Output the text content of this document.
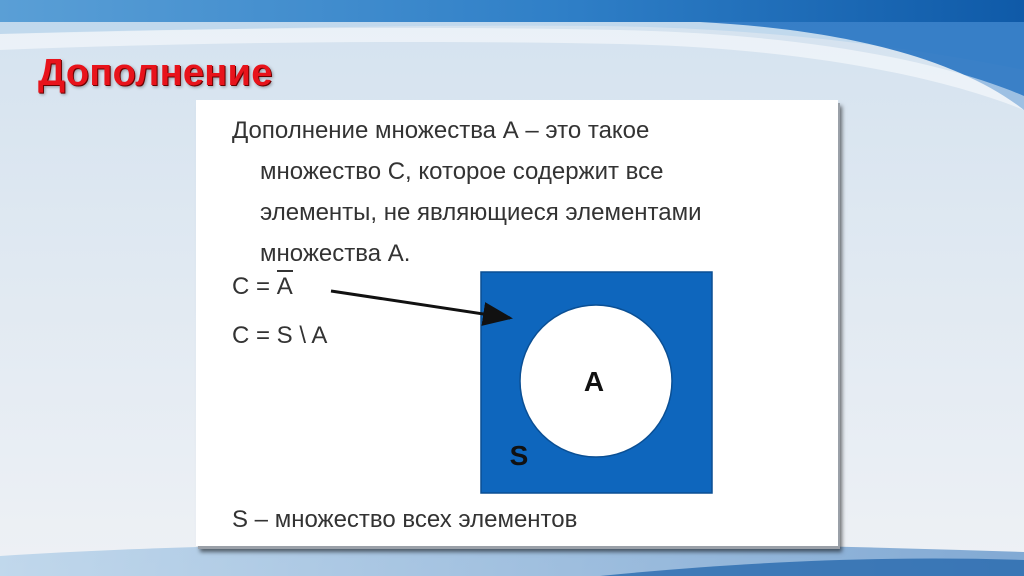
Дополнение
Дополнение множества А – это такое
множество С, которое содержит все
элементы, не являющиеся элементами
множества А.
С = А
С = S \ A
A
S
S – множество всех элементов
